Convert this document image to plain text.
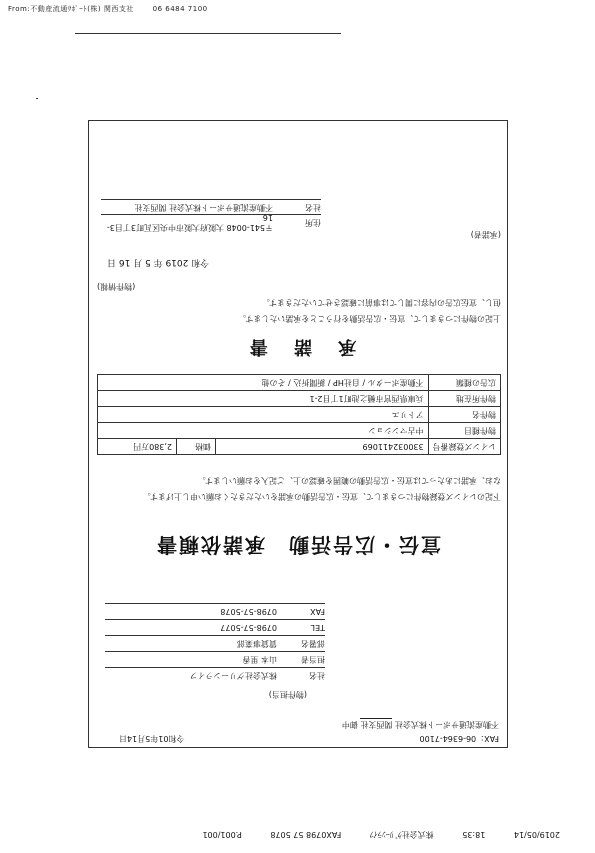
From:不動産流通ｻﾎﾟｰﾄ(株) 関西支社	06 6484 7100
FAX：06-6364-7100
令和01年5月14日
不動産流通サポート株式会社 関西支社 御中
(物件担当)
社名
株式会社グリーンライフ
担当者
山本 里香
部署名
賃貸事業部
TEL
0798-57-5077
FAX
0798-57-5078
宣伝・広告活動　承諾依頼書
下記のレインズ登録物件につきまして、宣伝・広告活動の承諾をいただきたくお願い申し上げます。
なお、承諾にあたっては宣伝・広告活動の範囲を確認の上、ご記入をお願いします。
レインズ登録番号	330032411069	価格	2,380万円
物件種目	中古マンション		
物件名	アトリエ		
物件所在地	兵庫県西宮市樋之池町1丁目2-1		
広告の種類	不動産ポータル / 自社HP / 新聞折込 / その他		
承 諾 書
上記の物件につきまして、宣伝・広告活動を行うことを承諾いたします。
但し、宣伝広告の内容に関しては事前に確認させていただきます。
(物件情報)
令和 2019 年 5 月 16 日
(承諾者)
住所
〒541-0048 大阪府大阪市中央区瓦町3丁目3-16
社名
不動産流通サポート株式会社 関西支社
2019/05/14 18:35 株式会社ｸﾞﾘｰﾝﾗｲﾌ FAX0798 57 5078 P.001/001
